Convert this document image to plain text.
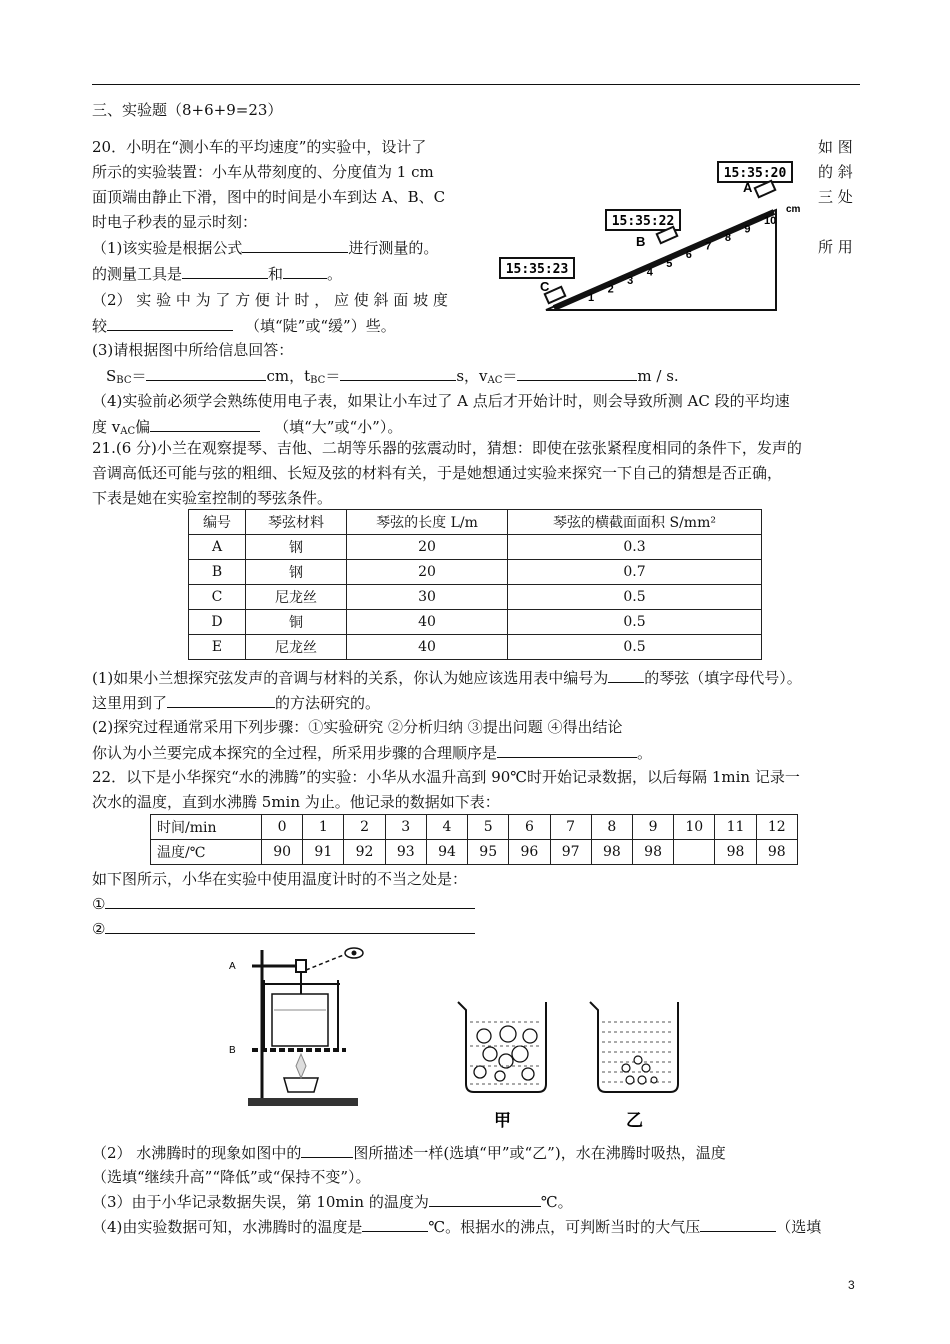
三、实验题（8+6+9=23）
20．小明在“测小车的平均速度”的实验中，设计了	如 图
所示的实验装置：小车从带刻度的、分度值为 1 cm	的 斜
面顶端由静止下滑，图中的时间是小车到达 A、B、C	三 处
时电子秒表的显示时刻：
（1)该实验是根据公式	进行测量的。	所 用
的测量工具是	和	。
（2） 实 验 中 为 了 方 便 计 时 ， 应 使 斜 面 坡 度
较	（填“陡”或“缓”）些。
(3)请根据图中所给信息回答：
$S_{BC}=$	cm，$t_{BC}=$	s，$v_{AC}=$	m / s.
（4)实验前必须学会熟练使用电子表，如果让小车过了 A 点后才开始计时，则会导致所测 AC 段的平均速
度 $v_{AC}$偏	（填“大”或“小”）。
15:35:20
15:35:22
15:35:23
A
B
C
1
2
3
4
5
6
7
8
9
10
cm
21.(6 分)小兰在观察提琴、吉他、二胡等乐器的弦震动时，猜想：即使在弦张紧程度相同的条件下，发声的
音调高低还可能与弦的粗细、长短及弦的材料有关，于是她想通过实验来探究一下自己的猜想是否正确，
下表是她在实验室控制的琴弦条件。
编号	琴弦材料	琴弦的长度 L/m	琴弦的横截面面积 S/mm²
A	钢	20	0.3
B	钢	20	0.7
C	尼龙丝	30	0.5
D	铜	40	0.5
E	尼龙丝	40	0.5
(1)如果小兰想探究弦发声的音调与材料的关系，你认为她应该选用表中编号为 的琴弦（填字母代号）。
这里用到了	的方法研究的。
(2)探究过程通常采用下列步骤：①实验研究 ②分析归纳 ③提出问题 ④得出结论
你认为小兰要完成本探究的全过程，所采用步骤的合理顺序是	。
22．以下是小华探究“水的沸腾”的实验：小华从水温升高到 90℃时开始记录数据，以后每隔 1min 记录一
次水的温度，直到水沸腾 5min 为止。他记录的数据如下表：
时间/min	0	1	2	3	4	5	6	7	8	9	10	11	12
温度/℃	90	91	92	93	94	95	96	97	98	98		98	98
如下图所示，小华在实验中使用温度计时的不当之处是：
①
②
A
B
甲	乙
（2） 水沸腾时的现象如图中的	图所描述一样(选填“甲”或“乙”)，水在沸腾时吸热，温度
（选填“继续升高”“降低”或“保持不变”）。
（3）由于小华记录数据失误，第 10min 的温度为	℃。
（4)由实验数据可知，水沸腾时的温度是	℃。根据水的沸点，可判断当时的大气压	（选填
3
